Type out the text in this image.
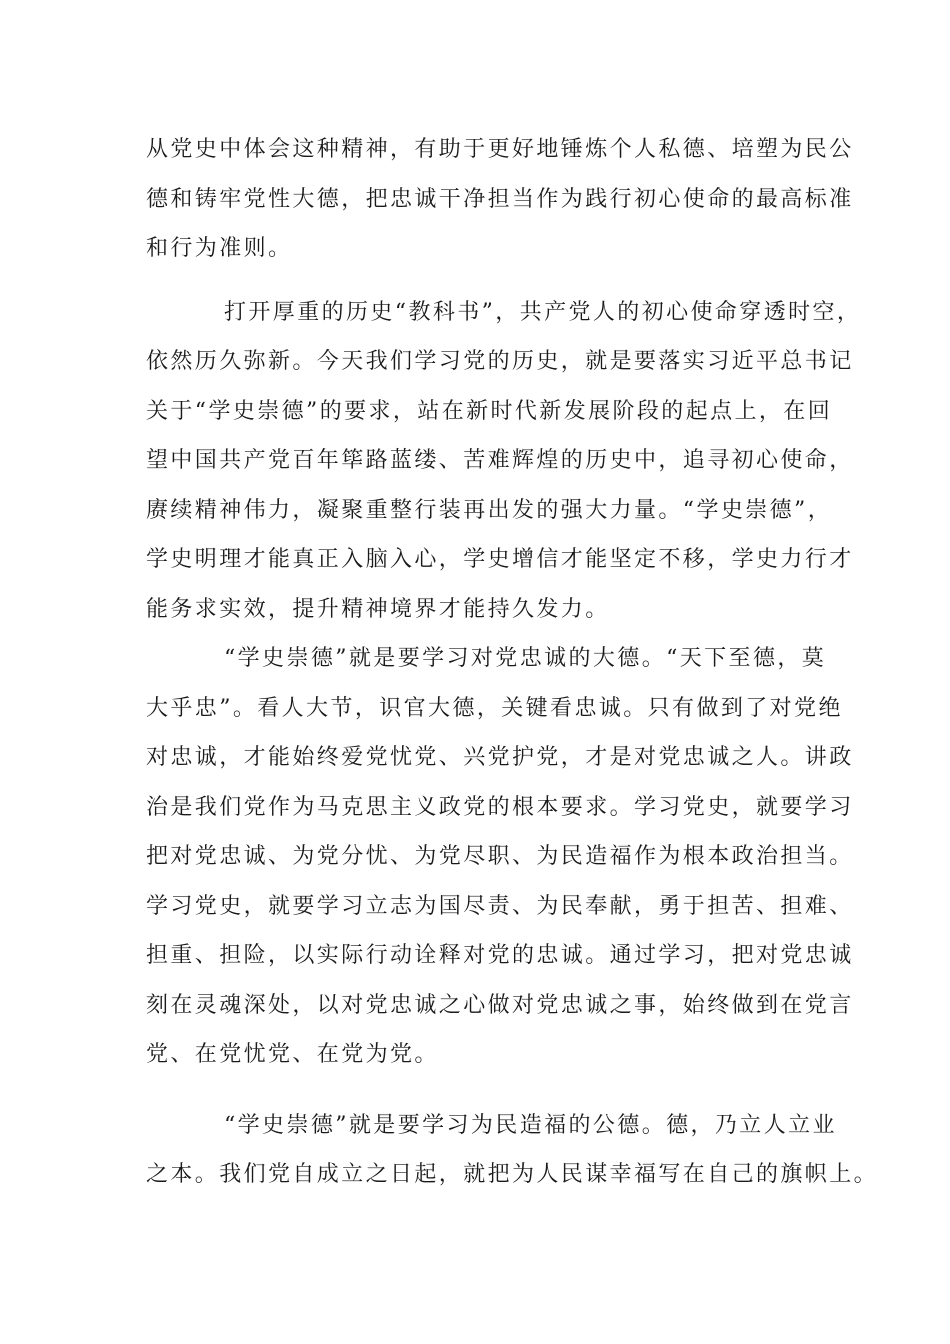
从党史中体会这种精神，有助于更好地锤炼个人私德、培塑为民公
德和铸牢党性大德，把忠诚干净担当作为践行初心使命的最高标准
和行为准则。
打开厚重的历史“教科书”，共产党人的初心使命穿透时空，
依然历久弥新。今天我们学习党的历史，就是要落实习近平总书记
关于“学史崇德”的要求，站在新时代新发展阶段的起点上，在回
望中国共产党百年筚路蓝缕、苦难辉煌的历史中，追寻初心使命，
赓续精神伟力，凝聚重整行装再出发的强大力量。“学史崇德”，
学史明理才能真正入脑入心，学史增信才能坚定不移，学史力行才
能务求实效，提升精神境界才能持久发力。
“学史崇德”就是要学习对党忠诚的大德。“天下至德，莫
大乎忠”。看人大节，识官大德，关键看忠诚。只有做到了对党绝
对忠诚，才能始终爱党忧党、兴党护党，才是对党忠诚之人。讲政
治是我们党作为马克思主义政党的根本要求。学习党史，就要学习
把对党忠诚、为党分忧、为党尽职、为民造福作为根本政治担当。
学习党史，就要学习立志为国尽责、为民奉献，勇于担苦、担难、
担重、担险，以实际行动诠释对党的忠诚。通过学习，把对党忠诚
刻在灵魂深处，以对党忠诚之心做对党忠诚之事，始终做到在党言
党、在党忧党、在党为党。
“学史崇德”就是要学习为民造福的公德。德，乃立人立业
之本。我们党自成立之日起，就把为人民谋幸福写在自己的旗帜上。
